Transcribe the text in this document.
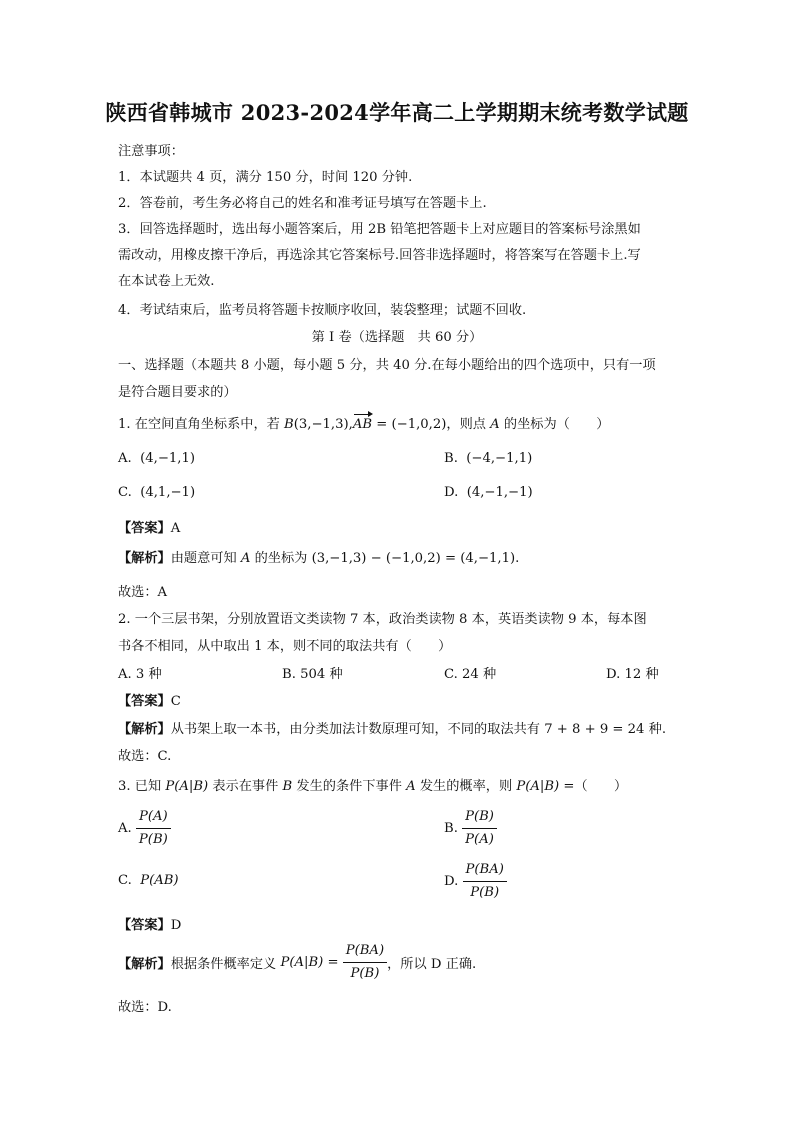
陕西省韩城市 2023-2024学年高二上学期期末统考数学试题
注意事项：
1．本试题共 4 页，满分 150 分，时间 120 分钟.
2．答卷前，考生务必将自己的姓名和准考证号填写在答题卡上.
3．回答选择题时，选出每小题答案后，用 2B 铅笔把答题卡上对应题目的答案标号涂黑如
需改动，用橡皮擦干净后，再选涂其它答案标号.回答非选择题时，将答案写在答题卡上.写
在本试卷上无效.
4．考试结束后，监考员将答题卡按顺序收回，装袋整理；试题不回收.
第 I 卷（选择题　共 60 分）
一、选择题（本题共 8 小题，每小题 5 分，共 40 分.在每小题给出的四个选项中，只有一项
是符合题目要求的）
1. 在空间直角坐标系中，若 B(3,−1,3),AB = (−1,0,2)，则点 A 的坐标为（　　）
A. (4,−1,1)	B. (−4,−1,1)
C. (4,1,−1)	D. (4,−1,−1)
【答案】A
【解析】由题意可知 A 的坐标为 (3,−1,3) − (−1,0,2) = (4,−1,1).
故选：A
2. 一个三层书架，分别放置语文类读物 7 本，政治类读物 8 本，英语类读物 9 本，每本图
书各不相同，从中取出 1 本，则不同的取法共有（　　）
A. 3 种	B. 504 种	C. 24 种	D. 12 种
【答案】C
【解析】从书架上取一本书，由分类加法计数原理可知，不同的取法共有 7 + 8 + 9 = 24 种.
故选：C.
3. 已知 P(A|B) 表示在事件 B 发生的条件下事件 A 发生的概率，则 P(A|B) =（　　）
A. $\frac{P(A)}{P(B)}$	B. $\frac{P(B)}{P(A)}$
C. P(AB)	D. $\frac{P(BA)}{P(B)}$
【答案】D
【解析】根据条件概率定义 $P(A|B) = \frac{P(BA)}{P(B)}$ ，所以 D 正确.
故选：D.
